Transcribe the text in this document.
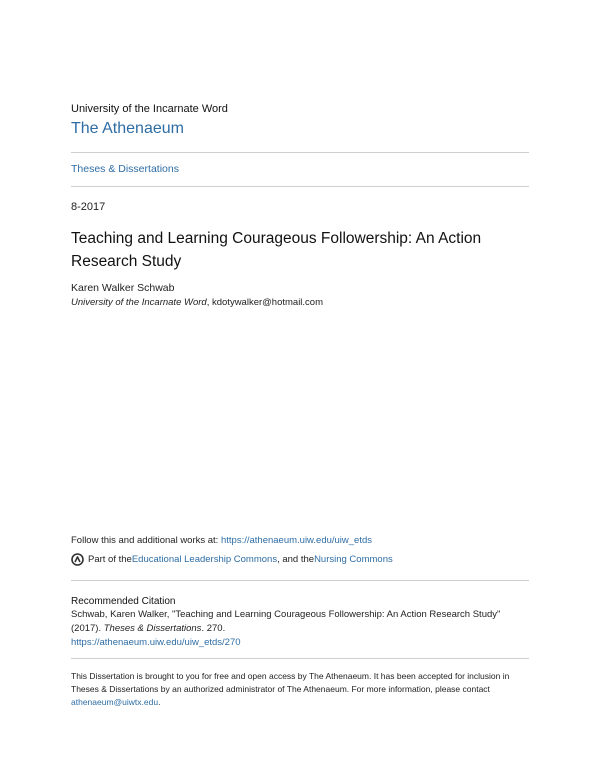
University of the Incarnate Word
The Athenaeum
Theses & Dissertations
8-2017
Teaching and Learning Courageous Followership: An Action Research Study
Karen Walker Schwab
University of the Incarnate Word, kdotywalker@hotmail.com
Follow this and additional works at: https://athenaeum.uiw.edu/uiw_etds
Part of the Educational Leadership Commons , and the Nursing Commons
Recommended Citation
Schwab, Karen Walker, "Teaching and Learning Courageous Followership: An Action Research Study" (2017). Theses & Dissertations. 270.
https://athenaeum.uiw.edu/uiw_etds/270
This Dissertation is brought to you for free and open access by The Athenaeum. It has been accepted for inclusion in Theses & Dissertations by an authorized administrator of The Athenaeum. For more information, please contact
athenaeum@uiwtx.edu.
